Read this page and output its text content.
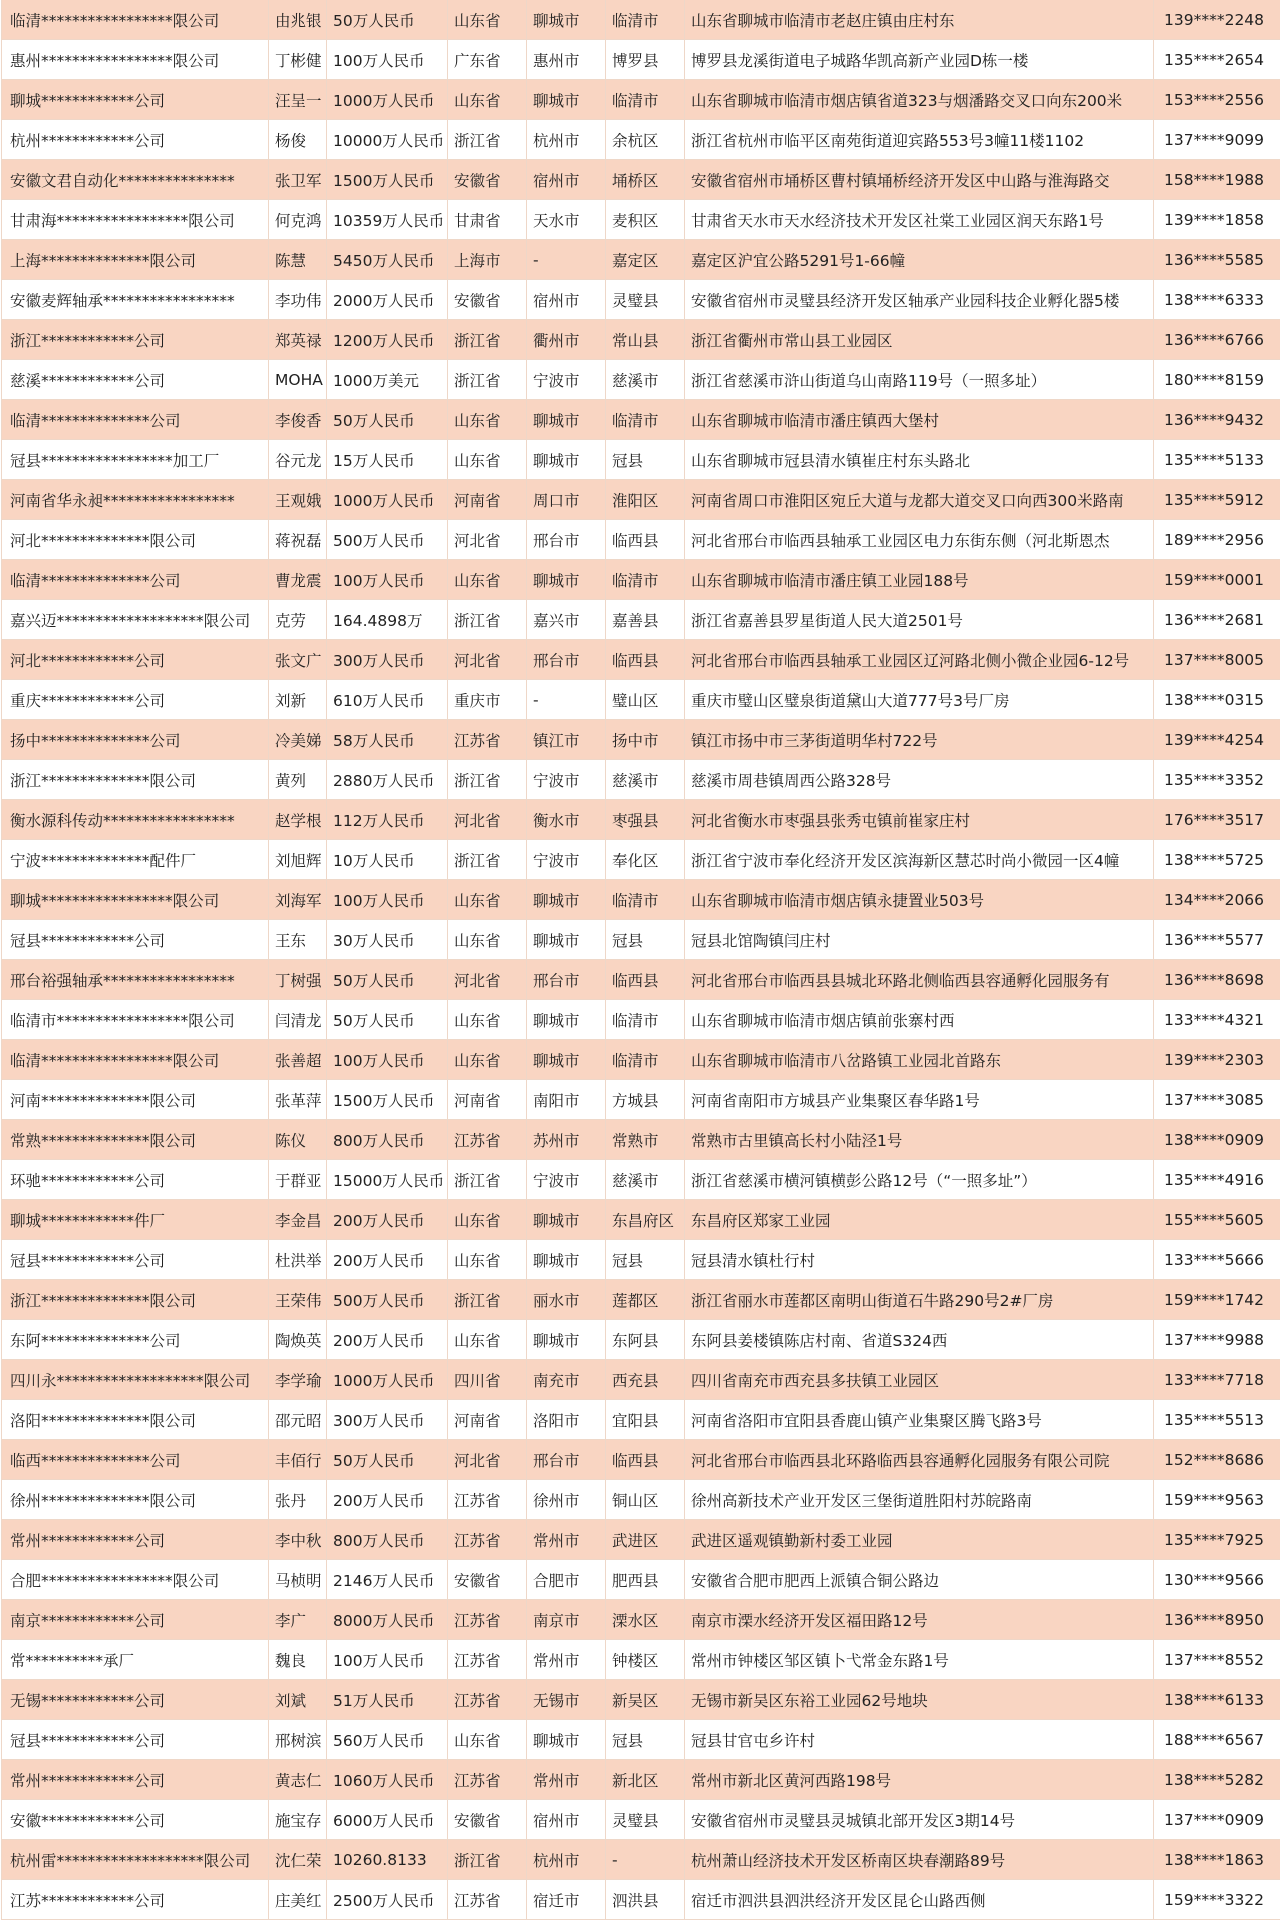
临清*****************限公司	由兆银	50万人民币	山东省	聊城市	临清市	山东省聊城市临清市老赵庄镇由庄村东	139****2248
惠州*****************限公司	丁彬健	100万人民币	广东省	惠州市	博罗县	博罗县龙溪街道电子城路华凯高新产业园D栋一楼	135****2654
聊城************公司	汪呈一	1000万人民币	山东省	聊城市	临清市	山东省聊城市临清市烟店镇省道323与烟潘路交叉口向东200米	153****2556
杭州************公司	杨俊	10000万人民币	浙江省	杭州市	余杭区	浙江省杭州市临平区南苑街道迎宾路553号3幢11楼1102	137****9099
安徽文君自动化***************	张卫军	1500万人民币	安徽省	宿州市	埇桥区	安徽省宿州市埇桥区曹村镇埇桥经济开发区中山路与淮海路交	158****1988
甘肃海*****************限公司	何克鸿	10359万人民币	甘肃省	天水市	麦积区	甘肃省天水市天水经济技术开发区社棠工业园区润天东路1号	139****1858
上海**************限公司	陈慧	5450万人民币	上海市	-	嘉定区	嘉定区沪宜公路5291号1-66幢	136****5585
安徽麦辉轴承*****************	李功伟	2000万人民币	安徽省	宿州市	灵璧县	安徽省宿州市灵璧县经济开发区轴承产业园科技企业孵化器5楼	138****6333
浙江************公司	郑英禄	1200万人民币	浙江省	衢州市	常山县	浙江省衢州市常山县工业园区	136****6766
慈溪************公司	MOHA	1000万美元	浙江省	宁波市	慈溪市	浙江省慈溪市浒山街道乌山南路119号（一照多址）	180****8159
临清**************公司	李俊香	50万人民币	山东省	聊城市	临清市	山东省聊城市临清市潘庄镇西大堡村	136****9432
冠县*****************加工厂	谷元龙	15万人民币	山东省	聊城市	冠县	山东省聊城市冠县清水镇崔庄村东头路北	135****5133
河南省华永昶*****************	王观娥	1000万人民币	河南省	周口市	淮阳区	河南省周口市淮阳区宛丘大道与龙都大道交叉口向西300米路南	135****5912
河北**************限公司	蒋祝磊	500万人民币	河北省	邢台市	临西县	河北省邢台市临西县轴承工业园区电力东街东侧（河北斯恩杰	189****2956
临清**************公司	曹龙震	100万人民币	山东省	聊城市	临清市	山东省聊城市临清市潘庄镇工业园188号	159****0001
嘉兴迈*******************限公司	克劳	164.4898万	浙江省	嘉兴市	嘉善县	浙江省嘉善县罗星街道人民大道2501号	136****2681
河北************公司	张文广	300万人民币	河北省	邢台市	临西县	河北省邢台市临西县轴承工业园区辽河路北侧小微企业园6-12号	137****8005
重庆************公司	刘新	610万人民币	重庆市	-	璧山区	重庆市璧山区璧泉街道黛山大道777号3号厂房	138****0315
扬中**************公司	冷美娣	58万人民币	江苏省	镇江市	扬中市	镇江市扬中市三茅街道明华村722号	139****4254
浙江**************限公司	黄列	2880万人民币	浙江省	宁波市	慈溪市	慈溪市周巷镇周西公路328号	135****3352
衡水源科传动*****************	赵学根	112万人民币	河北省	衡水市	枣强县	河北省衡水市枣强县张秀屯镇前崔家庄村	176****3517
宁波**************配件厂	刘旭辉	10万人民币	浙江省	宁波市	奉化区	浙江省宁波市奉化经济开发区滨海新区慧芯时尚小微园一区4幢	138****5725
聊城*****************限公司	刘海军	100万人民币	山东省	聊城市	临清市	山东省聊城市临清市烟店镇永捷置业503号	134****2066
冠县************公司	王东	30万人民币	山东省	聊城市	冠县	冠县北馆陶镇闫庄村	136****5577
邢台裕强轴承*****************	丁树强	50万人民币	河北省	邢台市	临西县	河北省邢台市临西县县城北环路北侧临西县容通孵化园服务有	136****8698
临清市*****************限公司	闫清龙	50万人民币	山东省	聊城市	临清市	山东省聊城市临清市烟店镇前张寨村西	133****4321
临清*****************限公司	张善超	100万人民币	山东省	聊城市	临清市	山东省聊城市临清市八岔路镇工业园北首路东	139****2303
河南**************限公司	张革萍	1500万人民币	河南省	南阳市	方城县	河南省南阳市方城县产业集聚区春华路1号	137****3085
常熟**************限公司	陈仪	800万人民币	江苏省	苏州市	常熟市	常熟市古里镇高长村小陆泾1号	138****0909
环驰************公司	于群亚	15000万人民币	浙江省	宁波市	慈溪市	浙江省慈溪市横河镇横彭公路12号（“一照多址”）	135****4916
聊城************件厂	李金昌	200万人民币	山东省	聊城市	东昌府区	东昌府区郑家工业园	155****5605
冠县************公司	杜洪举	200万人民币	山东省	聊城市	冠县	冠县清水镇杜行村	133****5666
浙江**************限公司	王荣伟	500万人民币	浙江省	丽水市	莲都区	浙江省丽水市莲都区南明山街道石牛路290号2#厂房	159****1742
东阿**************公司	陶焕英	200万人民币	山东省	聊城市	东阿县	东阿县姜楼镇陈店村南、省道S324西	137****9988
四川永*******************限公司	李学瑜	1000万人民币	四川省	南充市	西充县	四川省南充市西充县多扶镇工业园区	133****7718
洛阳**************限公司	邵元昭	300万人民币	河南省	洛阳市	宜阳县	河南省洛阳市宜阳县香鹿山镇产业集聚区腾飞路3号	135****5513
临西**************公司	丰佰行	50万人民币	河北省	邢台市	临西县	河北省邢台市临西县北环路临西县容通孵化园服务有限公司院	152****8686
徐州**************限公司	张丹	200万人民币	江苏省	徐州市	铜山区	徐州高新技术产业开发区三堡街道胜阳村苏皖路南	159****9563
常州************公司	李中秋	800万人民币	江苏省	常州市	武进区	武进区遥观镇勤新村委工业园	135****7925
合肥*****************限公司	马桢明	2146万人民币	安徽省	合肥市	肥西县	安徽省合肥市肥西上派镇合铜公路边	130****9566
南京************公司	李广	8000万人民币	江苏省	南京市	溧水区	南京市溧水经济开发区福田路12号	136****8950
常**********承厂	魏良	100万人民币	江苏省	常州市	钟楼区	常州市钟楼区邹区镇卜弋常金东路1号	137****8552
无锡************公司	刘斌	51万人民币	江苏省	无锡市	新吴区	无锡市新吴区东裕工业园62号地块	138****6133
冠县************公司	邢树滨	560万人民币	山东省	聊城市	冠县	冠县甘官屯乡许村	188****6567
常州************公司	黄志仁	1060万人民币	江苏省	常州市	新北区	常州市新北区黄河西路198号	138****5282
安徽************公司	施宝存	6000万人民币	安徽省	宿州市	灵璧县	安徽省宿州市灵璧县灵城镇北部开发区3期14号	137****0909
杭州雷*******************限公司	沈仁荣	10260.8133	浙江省	杭州市	-	杭州萧山经济技术开发区桥南区块春潮路89号	138****1863
江苏************公司	庄美红	2500万人民币	江苏省	宿迁市	泗洪县	宿迁市泗洪县泗洪经济开发区昆仑山路西侧	159****3322
